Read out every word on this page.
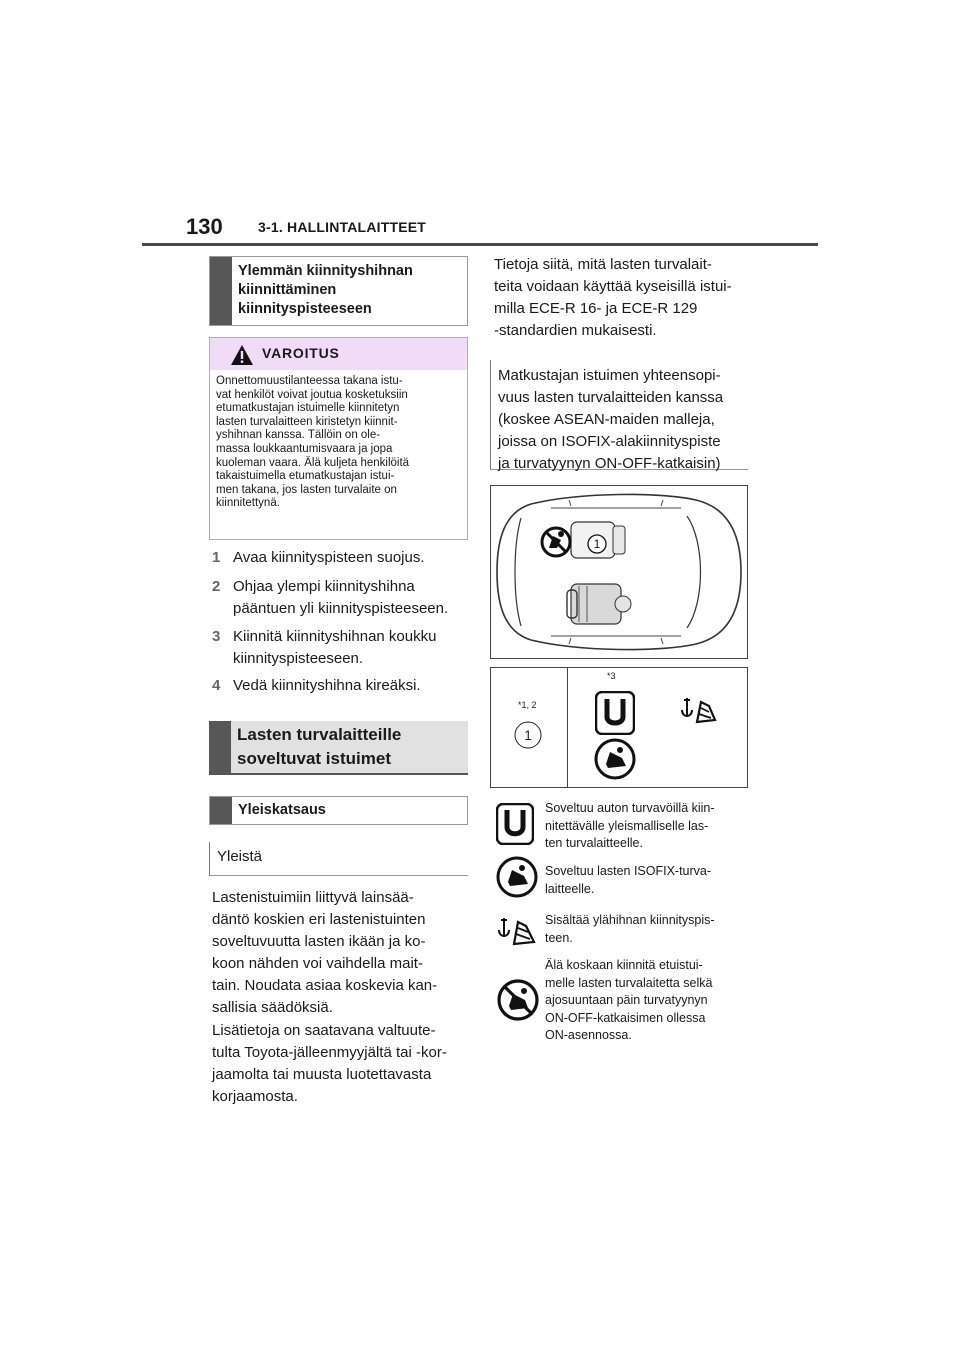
130	3-1. HALLINTALAITTEET
Ylemmän kiinnityshihnan kiinnittäminen kiinnityspisteeseen
VAROITUS
Onnettomuustilanteessa takana istu-
vat henkilöt voivat joutua kosketuksiin
etumatkustajan istuimelle kiinnitetyn
lasten turvalaitteen kiristetyn kiinnit-
yshihnan kanssa. Tällöin on ole-
massa loukkaantumisvaara ja jopa
kuoleman vaara. Älä kuljeta henkilöitä
takaistuimella etumatkustajan istui-
men takana, jos lasten turvalaite on
kiinnitettynä.
1 Avaa kiinnityspisteen suojus.
2 Ohjaa ylempi kiinnityshihna
pääntuen yli kiinnityspisteeseen.
3 Kiinnitä kiinnityshihnan koukku
kiinnityspisteeseen.
4 Vedä kiinnityshihna kireäksi.
Lasten turvalaitteille soveltuvat istuimet
Yleiskatsaus
Yleistä
Lastenistuimiin liittyvä lainsää-
däntö koskien eri lastenistuinten
soveltuvuutta lasten ikään ja ko-
koon nähden voi vaihdella mait-
tain. Noudata asiaa koskevia kan-
sallisia säädöksiä.
Lisätietoja on saatavana valtuute-
tulta Toyota-jälleenmyyjältä tai -kor-
jaamolta tai muusta luotettavasta
korjaamosta.
Tietoja siitä, mitä lasten turvalait-
teita voidaan käyttää kyseisillä istui-
milla ECE-R 16- ja ECE-R 129
-standardien mukaisesti.
Matkustajan istuimen yhteensopi-
vuus lasten turvalaitteiden kanssa
(koskee ASEAN-maiden malleja,
joissa on ISOFIX-alakiinnityspiste
ja turvatyynyn ON-OFF-katkaisin)
1
*1, 2
*3
1
Soveltuu auton turvavöillä kiin-
nitettävälle yleismalliselle las-
ten turvalaitteelle.
Soveltuu lasten ISOFIX-turva-
laitteelle.
Sisältää ylähihnan kiinnityspis-
teen.
Älä koskaan kiinnitä etuistui-
melle lasten turvalaitetta selkä
ajosuuntaan päin turvatyynyn
ON-OFF-katkaisimen ollessa
ON-asennossa.
